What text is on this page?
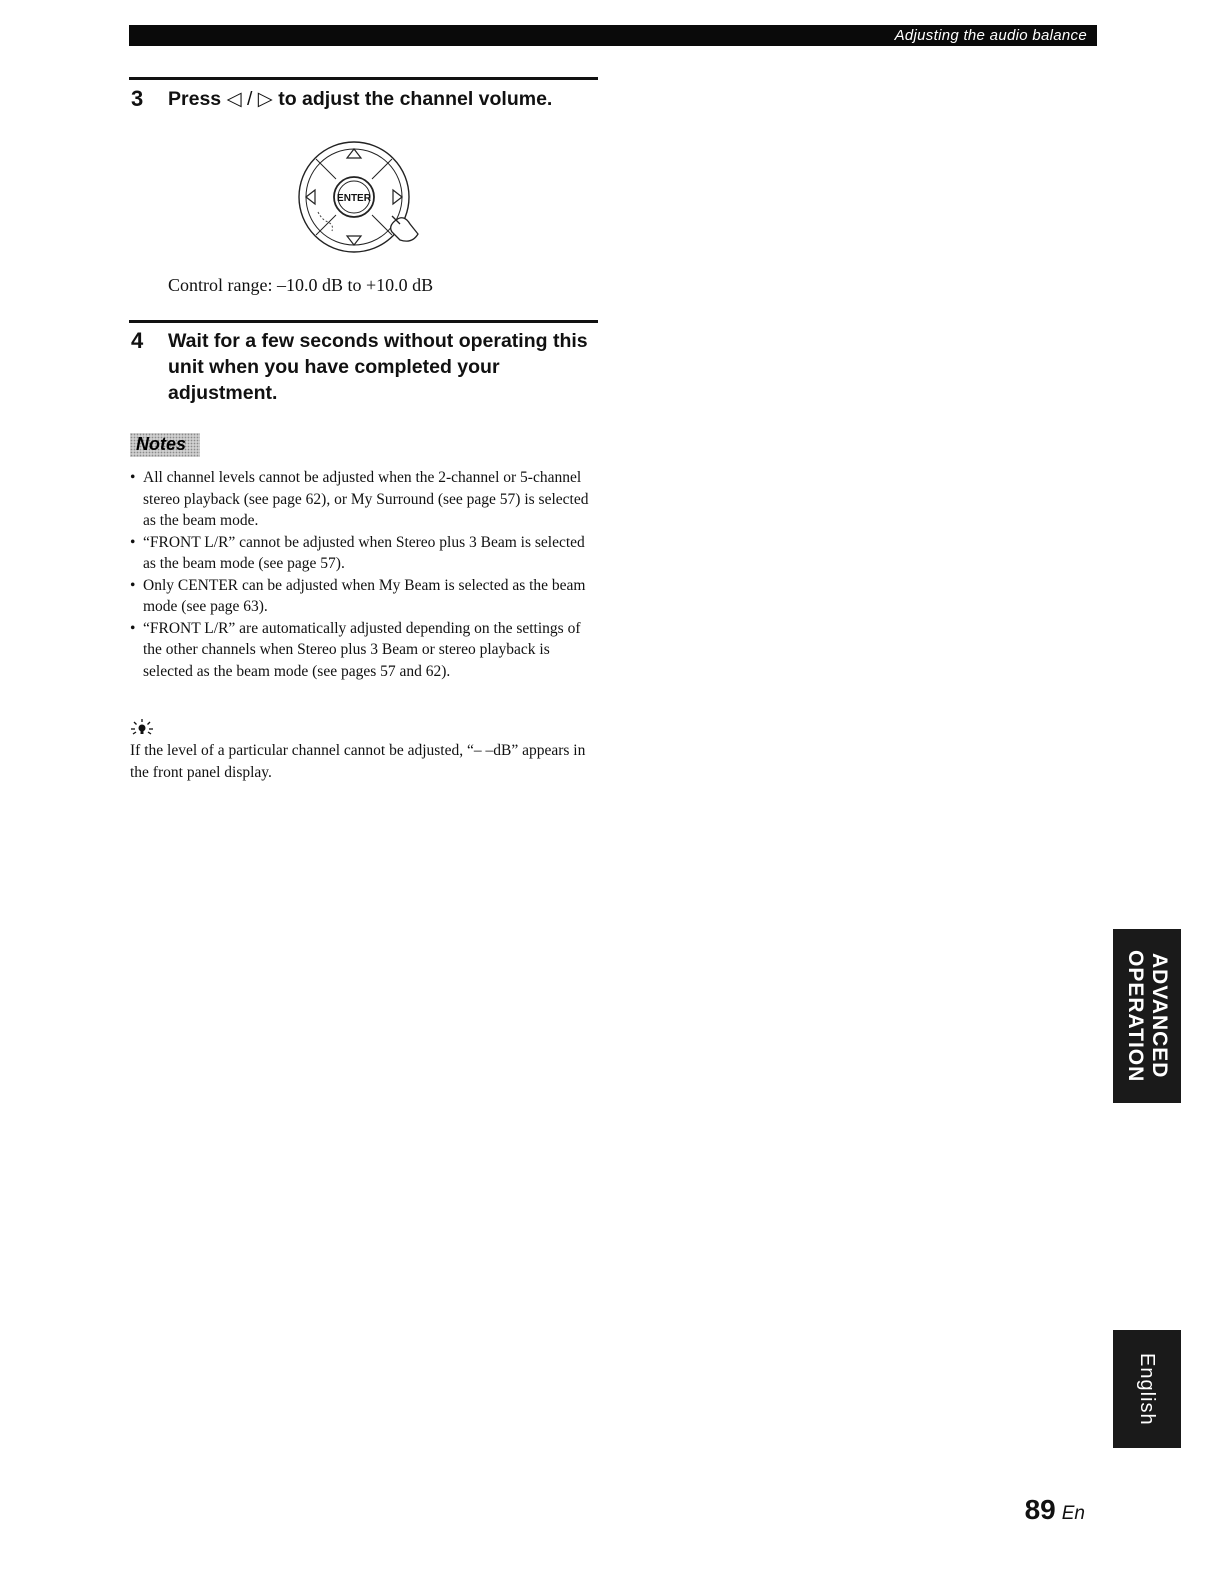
Adjusting the audio balance
3 Press ◁ / ▷ to adjust the channel volume.
ENTER
Control range: –10.0 dB to +10.0 dB
4 Wait for a few seconds without operating this
unit when you have completed your
adjustment.
Notes
• All channel levels cannot be adjusted when the 2-channel or 5-channel stereo playback (see page 62), or My Surround (see page 57) is selected as the beam mode.
• “FRONT L/R” cannot be adjusted when Stereo plus 3 Beam is selected as the beam mode (see page 57).
• Only CENTER can be adjusted when My Beam is selected as the beam mode (see page 63).
• “FRONT L/R” are automatically adjusted depending on the settings of the other channels when Stereo plus 3 Beam or stereo playback is selected as the beam mode (see pages 57 and 62).
If the level of a particular channel cannot be adjusted, “– –dB” appears in the front panel display.
ADVANCED
OPERATION
English
89 En
